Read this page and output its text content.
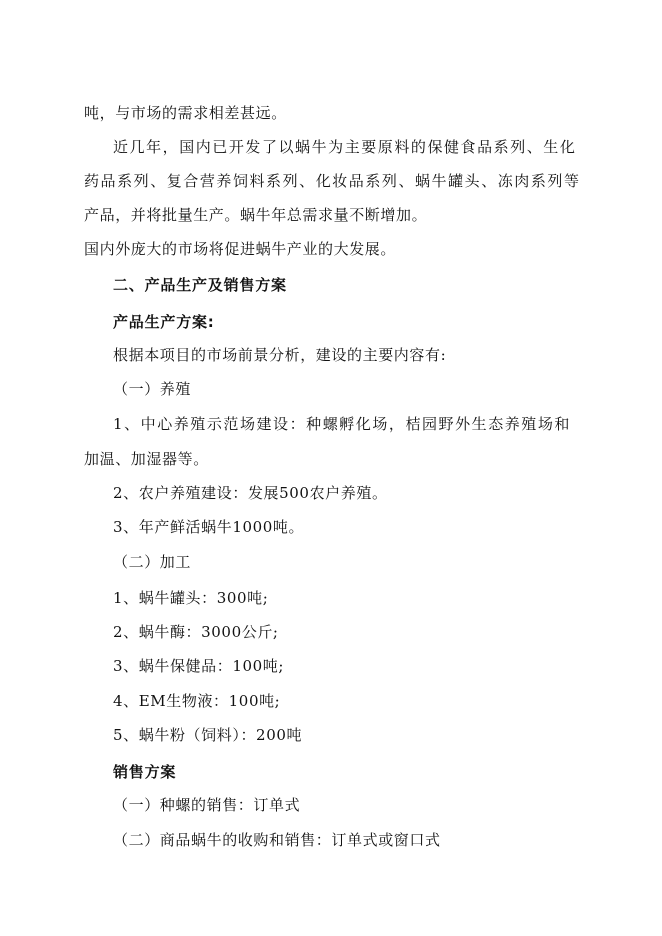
吨，与市场的需求相差甚远。
近几年，国内已开发了以蜗牛为主要原料的保健食品系列、生化
药品系列、复合营养饲料系列、化妆品系列、蜗牛罐头、冻肉系列等
产品，并将批量生产。蜗牛年总需求量不断增加。
国内外庞大的市场将促进蜗牛产业的大发展。
二、产品生产及销售方案
产品生产方案:
根据本项目的市场前景分析，建设的主要内容有:
（一）养殖
1、中心养殖示范场建设：种螺孵化场，桔园野外生态养殖场和
加温、加湿器等。
2、农户养殖建设：发展500农户养殖。
3、年产鲜活蜗牛1000吨。
（二）加工
1、蜗牛罐头：300吨;
2、蜗牛酶：3000公斤;
3、蜗牛保健品：100吨;
4、EM生物液：100吨;
5、蜗牛粉（饲料）：200吨
销售方案
（一）种螺的销售：订单式
（二）商品蜗牛的收购和销售：订单式或窗口式
